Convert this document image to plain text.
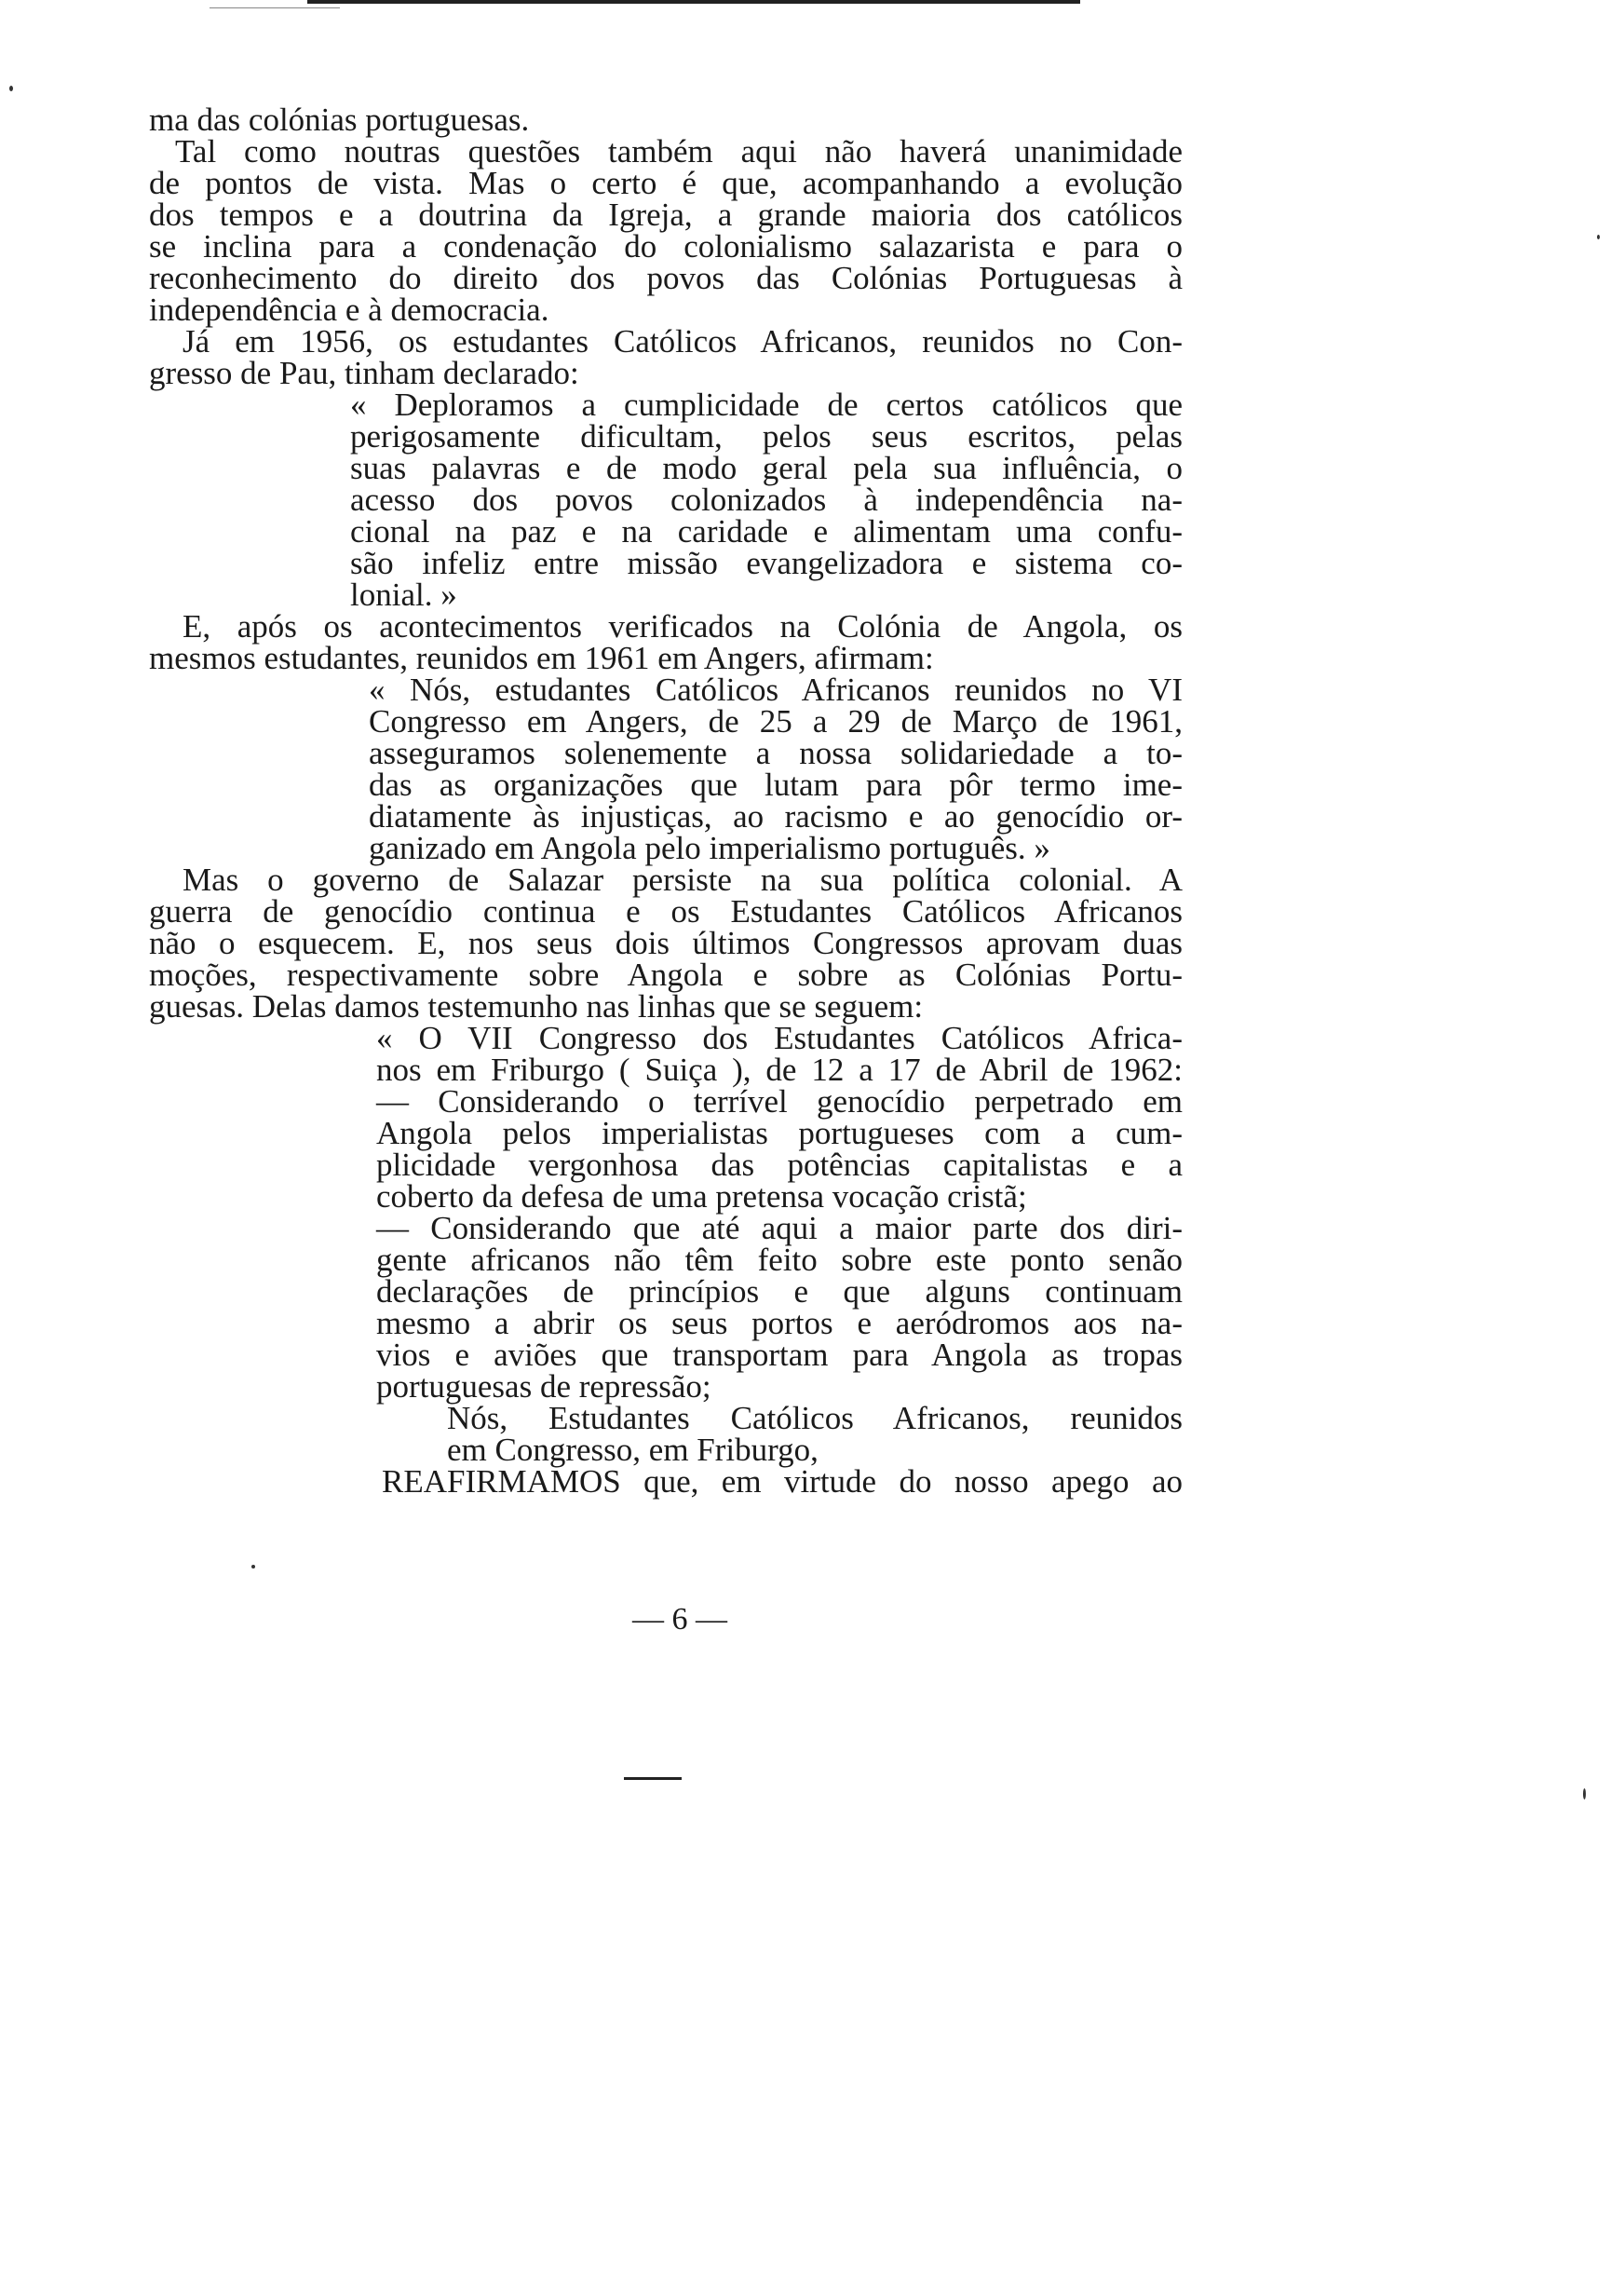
ma das colónias portuguesas.
Tal como noutras questões também aqui não haverá unanimidade
de pontos de vista. Mas o certo é que, acompanhando a evolução
dos tempos e a doutrina da Igreja, a grande maioria dos católicos
se inclina para a condenação do colonialismo salazarista e para o
reconhecimento do direito dos povos das Colónias Portuguesas à
independência e à democracia.

Já em 1956, os estudantes Católicos Africanos, reunidos no Con-
gresso de Pau, tinham declarado:

« Deploramos a cumplicidade de certos católicos que
perigosamente dificultam, pelos seus escritos, pelas
suas palavras e de modo geral pela sua influência, o
acesso dos povos colonizados à independência na-
cional na paz e na caridade e alimentam uma confu-
são infeliz entre missão evangelizadora e sistema co-
lonial. »

E, após os acontecimentos verificados na Colónia de Angola, os
mesmos estudantes, reunidos em 1961 em Angers, afirmam:

« Nós, estudantes Católicos Africanos reunidos no VI
Congresso em Angers, de 25 a 29 de Março de 1961,
asseguramos solenemente a nossa solidariedade a to-
das as organizações que lutam para pôr termo ime-
diatamente às injustiças, ao racismo e ao genocídio or-
ganizado em Angola pelo imperialismo português. »

Mas o governo de Salazar persiste na sua política colonial. A
guerra de genocídio continua e os Estudantes Católicos Africanos
não o esquecem. E, nos seus dois últimos Congressos aprovam duas
moções, respectivamente sobre Angola e sobre as Colónias Portu-
guesas. Delas damos testemunho nas linhas que se seguem:

« O VII Congresso dos Estudantes Católicos Africa-
nos em Friburgo ( Suiça ), de 12 a 17 de Abril de 1962:
— Considerando o terrível genocídio perpetrado em
Angola pelos imperialistas portugueses com a cum-
plicidade vergonhosa das potências capitalistas e a
coberto da defesa de uma pretensa vocação cristã;
— Considerando que até aqui a maior parte dos diri-
gente africanos não têm feito sobre este ponto senão
declarações de princípios e que alguns continuam
mesmo a abrir os seus portos e aeródromos aos na-
vios e aviões que transportam para Angola as tropas
portuguesas de repressão;
Nós, Estudantes Católicos Africanos, reunidos
em Congresso, em Friburgo,
REAFIRMAMOS que, em virtude do nosso apego ao

— 6 —
